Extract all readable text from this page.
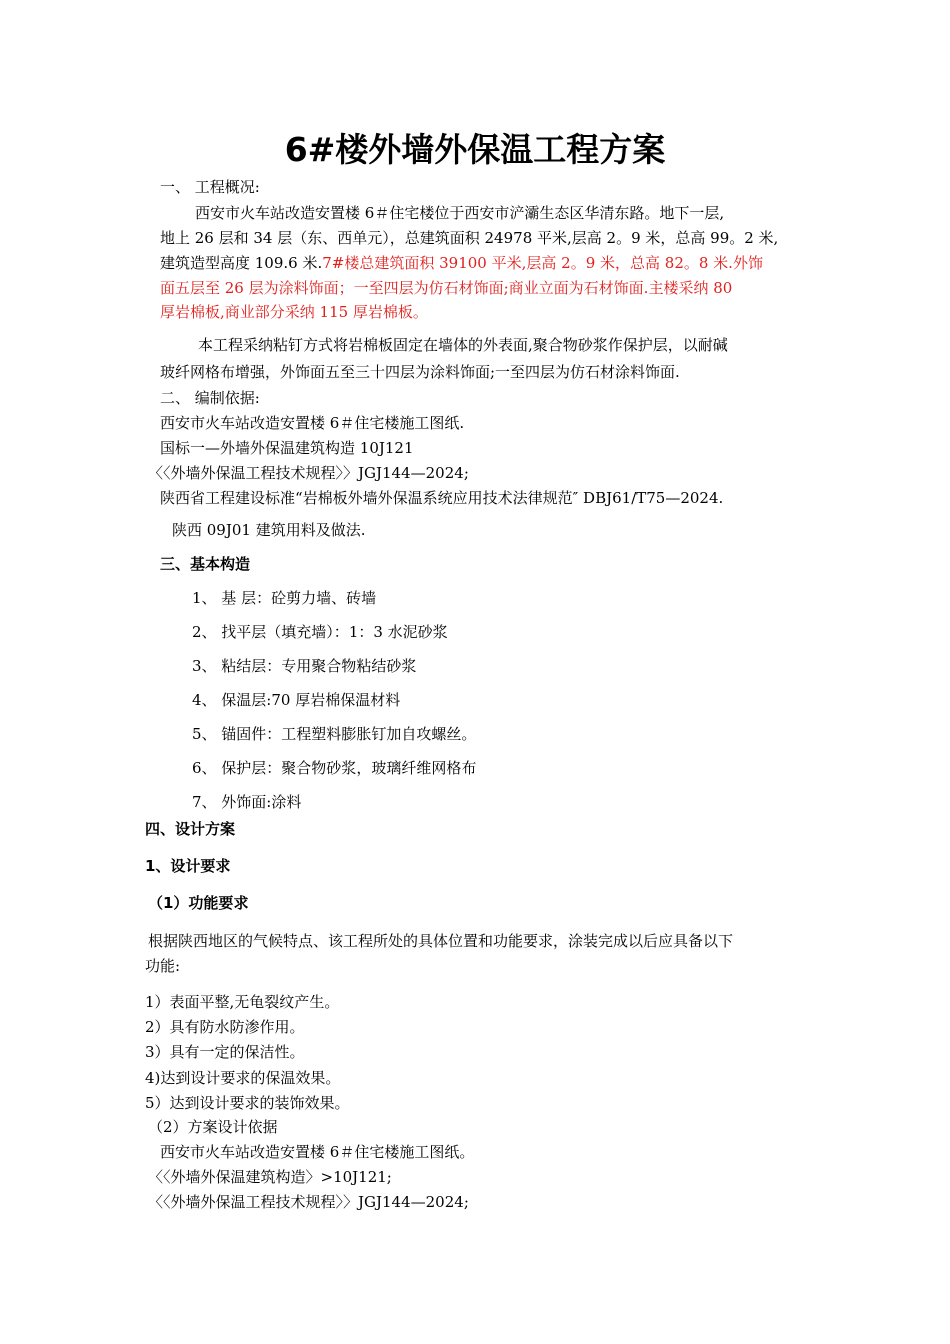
6#楼外墙外保温工程方案
一、 工程概况:
西安市火车站改造安置楼 6＃住宅楼位于西安市浐灞生态区华清东路。地下一层,
地上 26 层和 34 层（东、西单元），总建筑面积 24978 平米,层高 2。9 米，总高 99。2 米,
建筑造型高度 109.6 米.7#楼总建筑面积 39100 平米,层高 2。9 米，总高 82。8 米.外饰
面五层至 26 层为涂料饰面；一至四层为仿石材饰面;商业立面为石材饰面.主楼采纳 80
厚岩棉板,商业部分采纳 115 厚岩棉板。
本工程采纳粘钉方式将岩棉板固定在墙体的外表面,聚合物砂浆作保护层，以耐碱
玻纤网格布增强，外饰面五至三十四层为涂料饰面;一至四层为仿石材涂料饰面.
二、 编制依据:
西安市火车站改造安置楼 6＃住宅楼施工图纸.
国标一—外墙外保温建筑构造 10J121
〈〈外墙外保温工程技术规程〉〉JGJ144—2024;
陕西省工程建设标准“岩棉板外墙外保温系统应用技术法律规范″ DBJ61/T75—2024.
陕西 09J01 建筑用料及做法.
三、基本构造
1、 基 层：砼剪力墙、砖墙
2、 找平层（填充墙）：1：3 水泥砂浆
3、 粘结层：专用聚合物粘结砂浆
4、 保温层:70 厚岩棉保温材料
5、 锚固件：工程塑料膨胀钉加自攻螺丝。
6、 保护层：聚合物砂浆，玻璃纤维网格布
7、 外饰面:涂料
四、设计方案
1、设计要求
（1）功能要求
根据陕西地区的气候特点、该工程所处的具体位置和功能要求，涂装完成以后应具备以下
功能:
1）表面平整,无龟裂纹产生。
2）具有防水防渗作用。
3）具有一定的保洁性。
4)达到设计要求的保温效果。
5）达到设计要求的装饰效果。
（2）方案设计依据
西安市火车站改造安置楼 6＃住宅楼施工图纸。
〈〈外墙外保温建筑构造〉>10J121;
〈〈外墙外保温工程技术规程〉〉JGJ144—2024;
